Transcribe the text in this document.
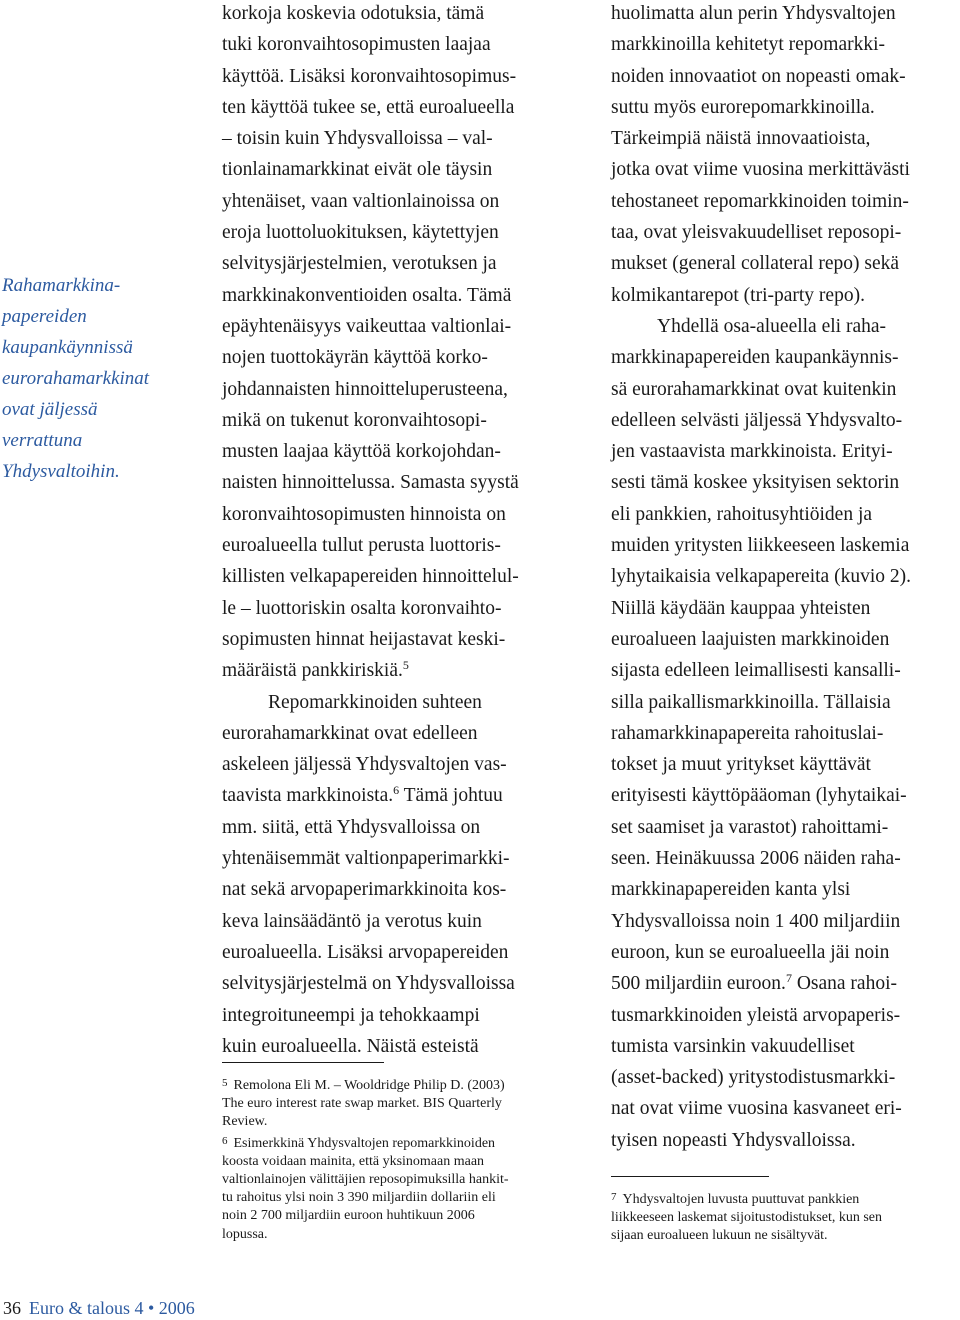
Rahamarkkina-
papereiden
kaupankäynnissä
eurorahamarkkinat
ovat jäljessä
verrattuna
Yhdysvaltoihin.
korkoja koskevia odotuksia, tämä
tuki koronvaihtosopimusten laajaa
käyttöä. Lisäksi koronvaihtosopimus-
ten käyttöä tukee se, että euroalueella
– toisin kuin Yhdysvalloissa – val-
tionlainamarkkinat eivät ole täysin
yhtenäiset, vaan valtionlainoissa on
eroja luottoluokituksen, käytettyjen
selvitysjärjestelmien, verotuksen ja
markkinakonventioiden osalta. Tämä
epäyhtenäisyys vaikeuttaa valtionlai-
nojen tuottokäyrän käyttöä korko-
johdannaisten hinnoitteluperusteena,
mikä on tukenut koronvaihtosopi-
musten laajaa käyttöä korkojohdan-
naisten hinnoittelussa. Samasta syystä
koronvaihtosopimusten hinnoista on
euroalueella tullut perusta luottoris-
killisten velkapapereiden hinnoittelul-
le – luottoriskin osalta koronvaihto-
sopimusten hinnat heijastavat keski-
määräistä pankkiriskiä.$^5$
Repomarkkinoiden suhteen
eurorahamarkkinat ovat edelleen
askeleen jäljessä Yhdysvaltojen vas-
taavista markkinoista.$^6$ Tämä johtuu
mm. siitä, että Yhdysvalloissa on
yhtenäisemmät valtionpaperimarkki-
nat sekä arvopaperimarkkinoita kos-
keva lainsäädäntö ja verotus kuin
euroalueella. Lisäksi arvopapereiden
selvitysjärjestelmä on Yhdysvalloissa
integroituneempi ja tehokkaampi
kuin euroalueella. Näistä esteistä
$^5$ Remolona Eli M. – Wooldridge Philip D. (2003)
The euro interest rate swap market. BIS Quarterly
Review.
$^6$ Esimerkkinä Yhdysvaltojen repomarkkinoiden
koosta voidaan mainita, että yksinomaan maan
valtionlainojen välittäjien reposopimuksilla hankit-
tu rahoitus ylsi noin 3 390 miljardiin dollariin eli
noin 2 700 miljardiin euroon huhtikuun 2006
lopussa.
huolimatta alun perin Yhdysvaltojen
markkinoilla kehitetyt repomarkki-
noiden innovaatiot on nopeasti omak-
suttu myös eurorepomarkkinoilla.
Tärkeimpiä näistä innovaatioista,
jotka ovat viime vuosina merkittävästi
tehostaneet repomarkkinoiden toimin-
taa, ovat yleisvakuudelliset reposopi-
mukset (general collateral repo) sekä
kolmikantarepot (tri-party repo).
Yhdellä osa-alueella eli raha-
markkinapapereiden kaupankäynnis-
sä eurorahamarkkinat ovat kuitenkin
edelleen selvästi jäljessä Yhdysvalto-
jen vastaavista markkinoista. Erityi-
sesti tämä koskee yksityisen sektorin
eli pankkien, rahoitusyhtiöiden ja
muiden yritysten liikkeeseen laskemia
lyhytaikaisia velkapapereita (kuvio 2).
Niillä käydään kauppaa yhteisten
euroalueen laajuisten markkinoiden
sijasta edelleen leimallisesti kansalli-
silla paikallismarkkinoilla. Tällaisia
rahamarkkinapapereita rahoituslai-
tokset ja muut yritykset käyttävät
erityisesti käyttöpääoman (lyhytaikai-
set saamiset ja varastot) rahoittami-
seen. Heinäkuussa 2006 näiden raha-
markkinapapereiden kanta ylsi
Yhdysvalloissa noin 1 400 miljardiin
euroon, kun se euroalueella jäi noin
500 miljardiin euroon.$^7$ Osana rahoi-
tusmarkkinoiden yleistä arvopaperis-
tumista varsinkin vakuudelliset
(asset-backed) yritystodistusmarkki-
nat ovat viime vuosina kasvaneet eri-
tyisen nopeasti Yhdysvalloissa.
$^7$ Yhdysvaltojen luvusta puuttuvat pankkien
liikkeeseen laskemat sijoitustodistukset, kun sen
sijaan euroalueen lukuun ne sisältyvät.
36 Euro & talous 4 • 2006
